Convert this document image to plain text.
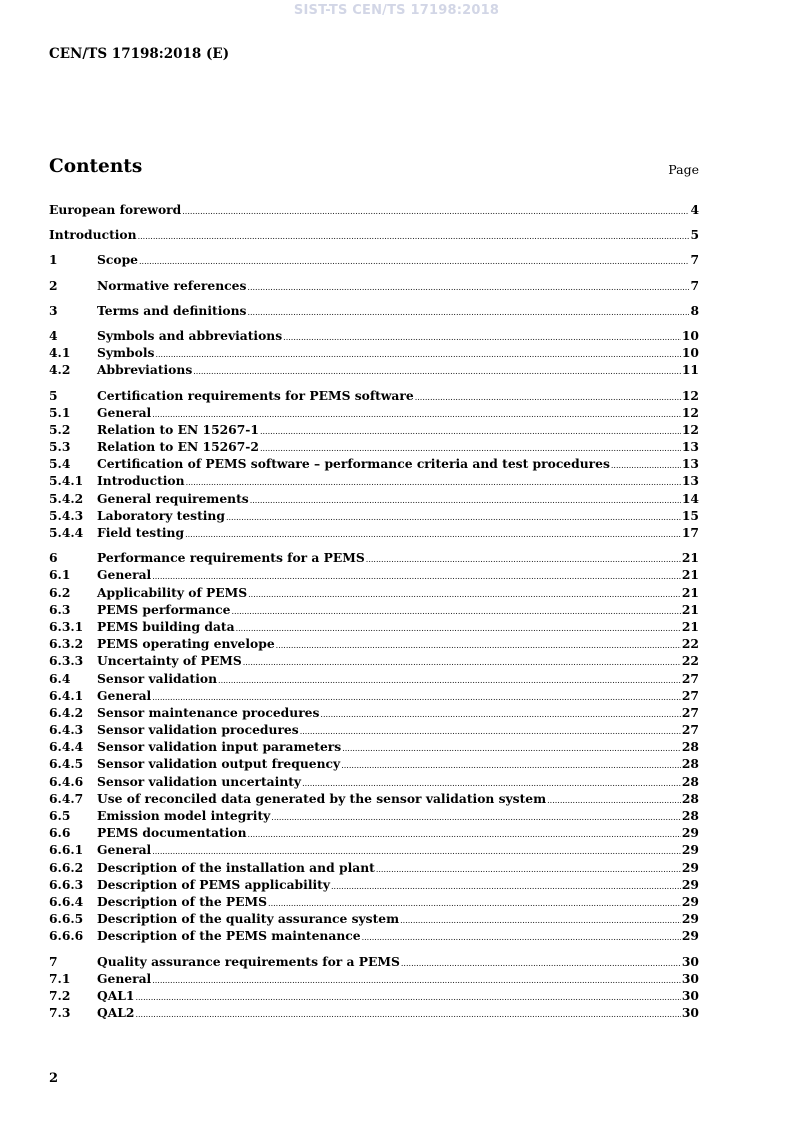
SIST-TS CEN/TS 17198:2018
CEN/TS 17198:2018 (E)
Contents	Page
European foreword .....	4
Introduction .....	5
1	Scope .....	7
2	Normative references .....	7
3	Terms and definitions .....	8
4	Symbols and abbreviations .....	10
4.1	Symbols .....	10
4.2	Abbreviations .....	11
5	Certification requirements for PEMS software .....	12
5.1	General .....	12
5.2	Relation to EN 15267-1 .....	12
5.3	Relation to EN 15267-2 .....	13
5.4	Certification of PEMS software – performance criteria and test procedures .....	13
5.4.1	Introduction .....	13
5.4.2	General requirements .....	14
5.4.3	Laboratory testing .....	15
5.4.4	Field testing .....	17
6	Performance requirements for a PEMS .....	21
6.1	General .....	21
6.2	Applicability of PEMS .....	21
6.3	PEMS performance .....	21
6.3.1	PEMS building data .....	21
6.3.2	PEMS operating envelope .....	22
6.3.3	Uncertainty of PEMS .....	22
6.4	Sensor validation .....	27
6.4.1	General .....	27
6.4.2	Sensor maintenance procedures .....	27
6.4.3	Sensor validation procedures .....	27
6.4.4	Sensor validation input parameters .....	28
6.4.5	Sensor validation output frequency .....	28
6.4.6	Sensor validation uncertainty .....	28
6.4.7	Use of reconciled data generated by the sensor validation system .....	28
6.5	Emission model integrity .....	28
6.6	PEMS documentation .....	29
6.6.1	General .....	29
6.6.2	Description of the installation and plant .....	29
6.6.3	Description of PEMS applicability .....	29
6.6.4	Description of the PEMS .....	29
6.6.5	Description of the quality assurance system .....	29
6.6.6	Description of the PEMS maintenance .....	29
7	Quality assurance requirements for a PEMS .....	30
7.1	General .....	30
7.2	QAL1 .....	30
7.3	QAL2 .....	30
2
